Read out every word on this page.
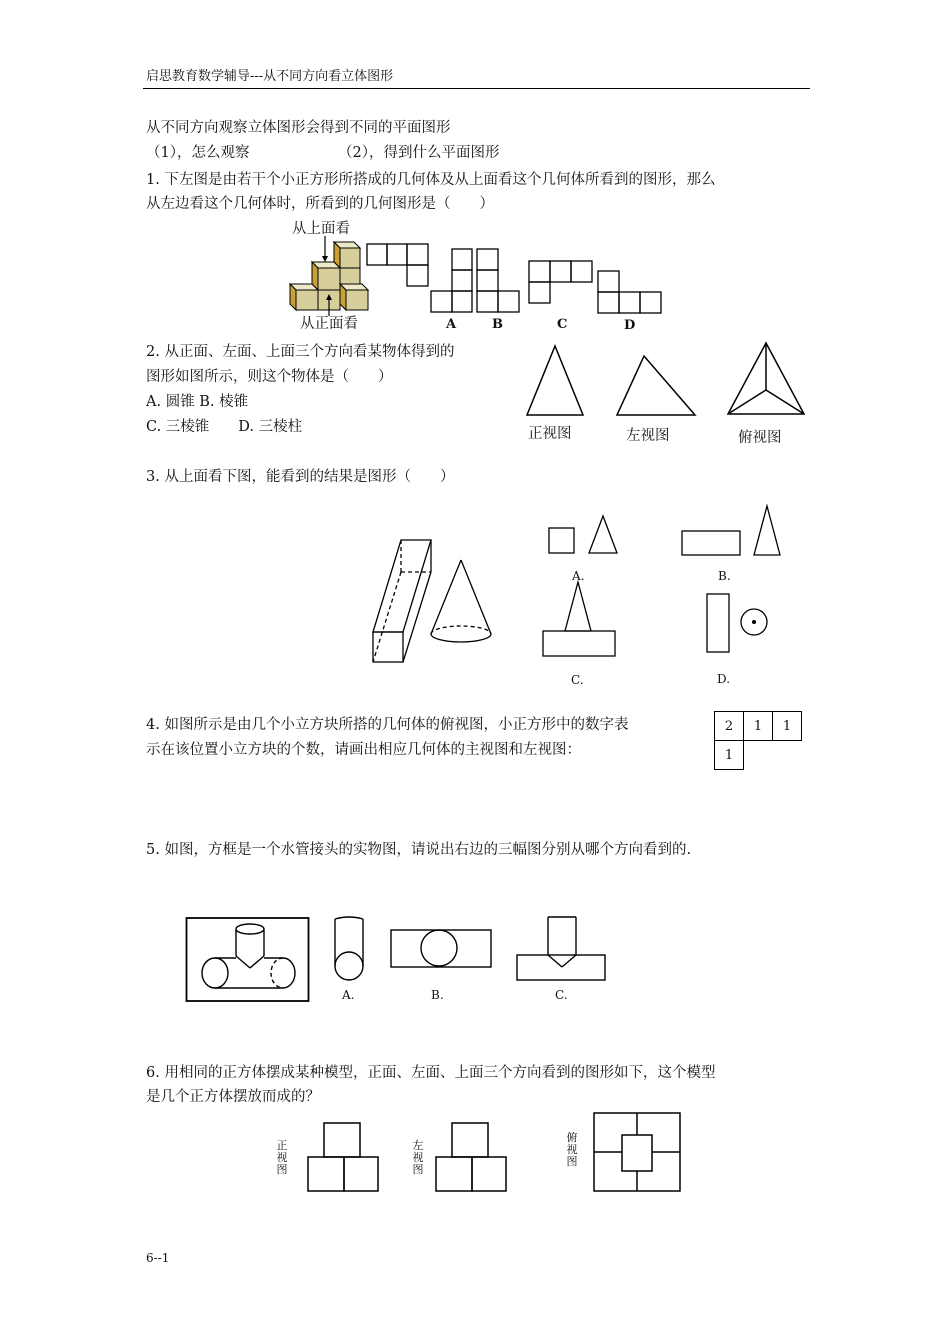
启思教育数学辅导---从不同方向看立体图形
从不同方向观察立体图形会得到不同的平面图形
（1），怎么观察	（2），得到什么平面图形
1. 下左图是由若干个小正方形所搭成的几何体及从上面看这个几何体所看到的图形，那么
从左边看这个几何体时，所看到的几何图形是（　　）
从上面看
从正面看	A	B	C	D
2. 从正面、左面、上面三个方向看某物体得到的
图形如图所示，则这个物体是（　　）
A. 圆锥 B. 棱锥
C. 三棱锥　　D. 三棱柱	正视图	左视图	俯视图
3. 从上面看下图，能看到的结果是图形（　　）
A.	B.
C.	D.
4. 如图所示是由几个小立方块所搭的几何体的俯视图，小正方形中的数字表
示在该位置小立方块的个数，请画出相应几何体的主视图和左视图：
2	1	1
1		
5. 如图，方框是一个水管接头的实物图，请说出右边的三幅图分别从哪个方向看到的.
A.	B.	C.
6. 用相同的正方体摆成某种模型，正面、左面、上面三个方向看到的图形如下，这个模型
是几个正方体摆放而成的？
正视图
左视图
俯视图
6--1
